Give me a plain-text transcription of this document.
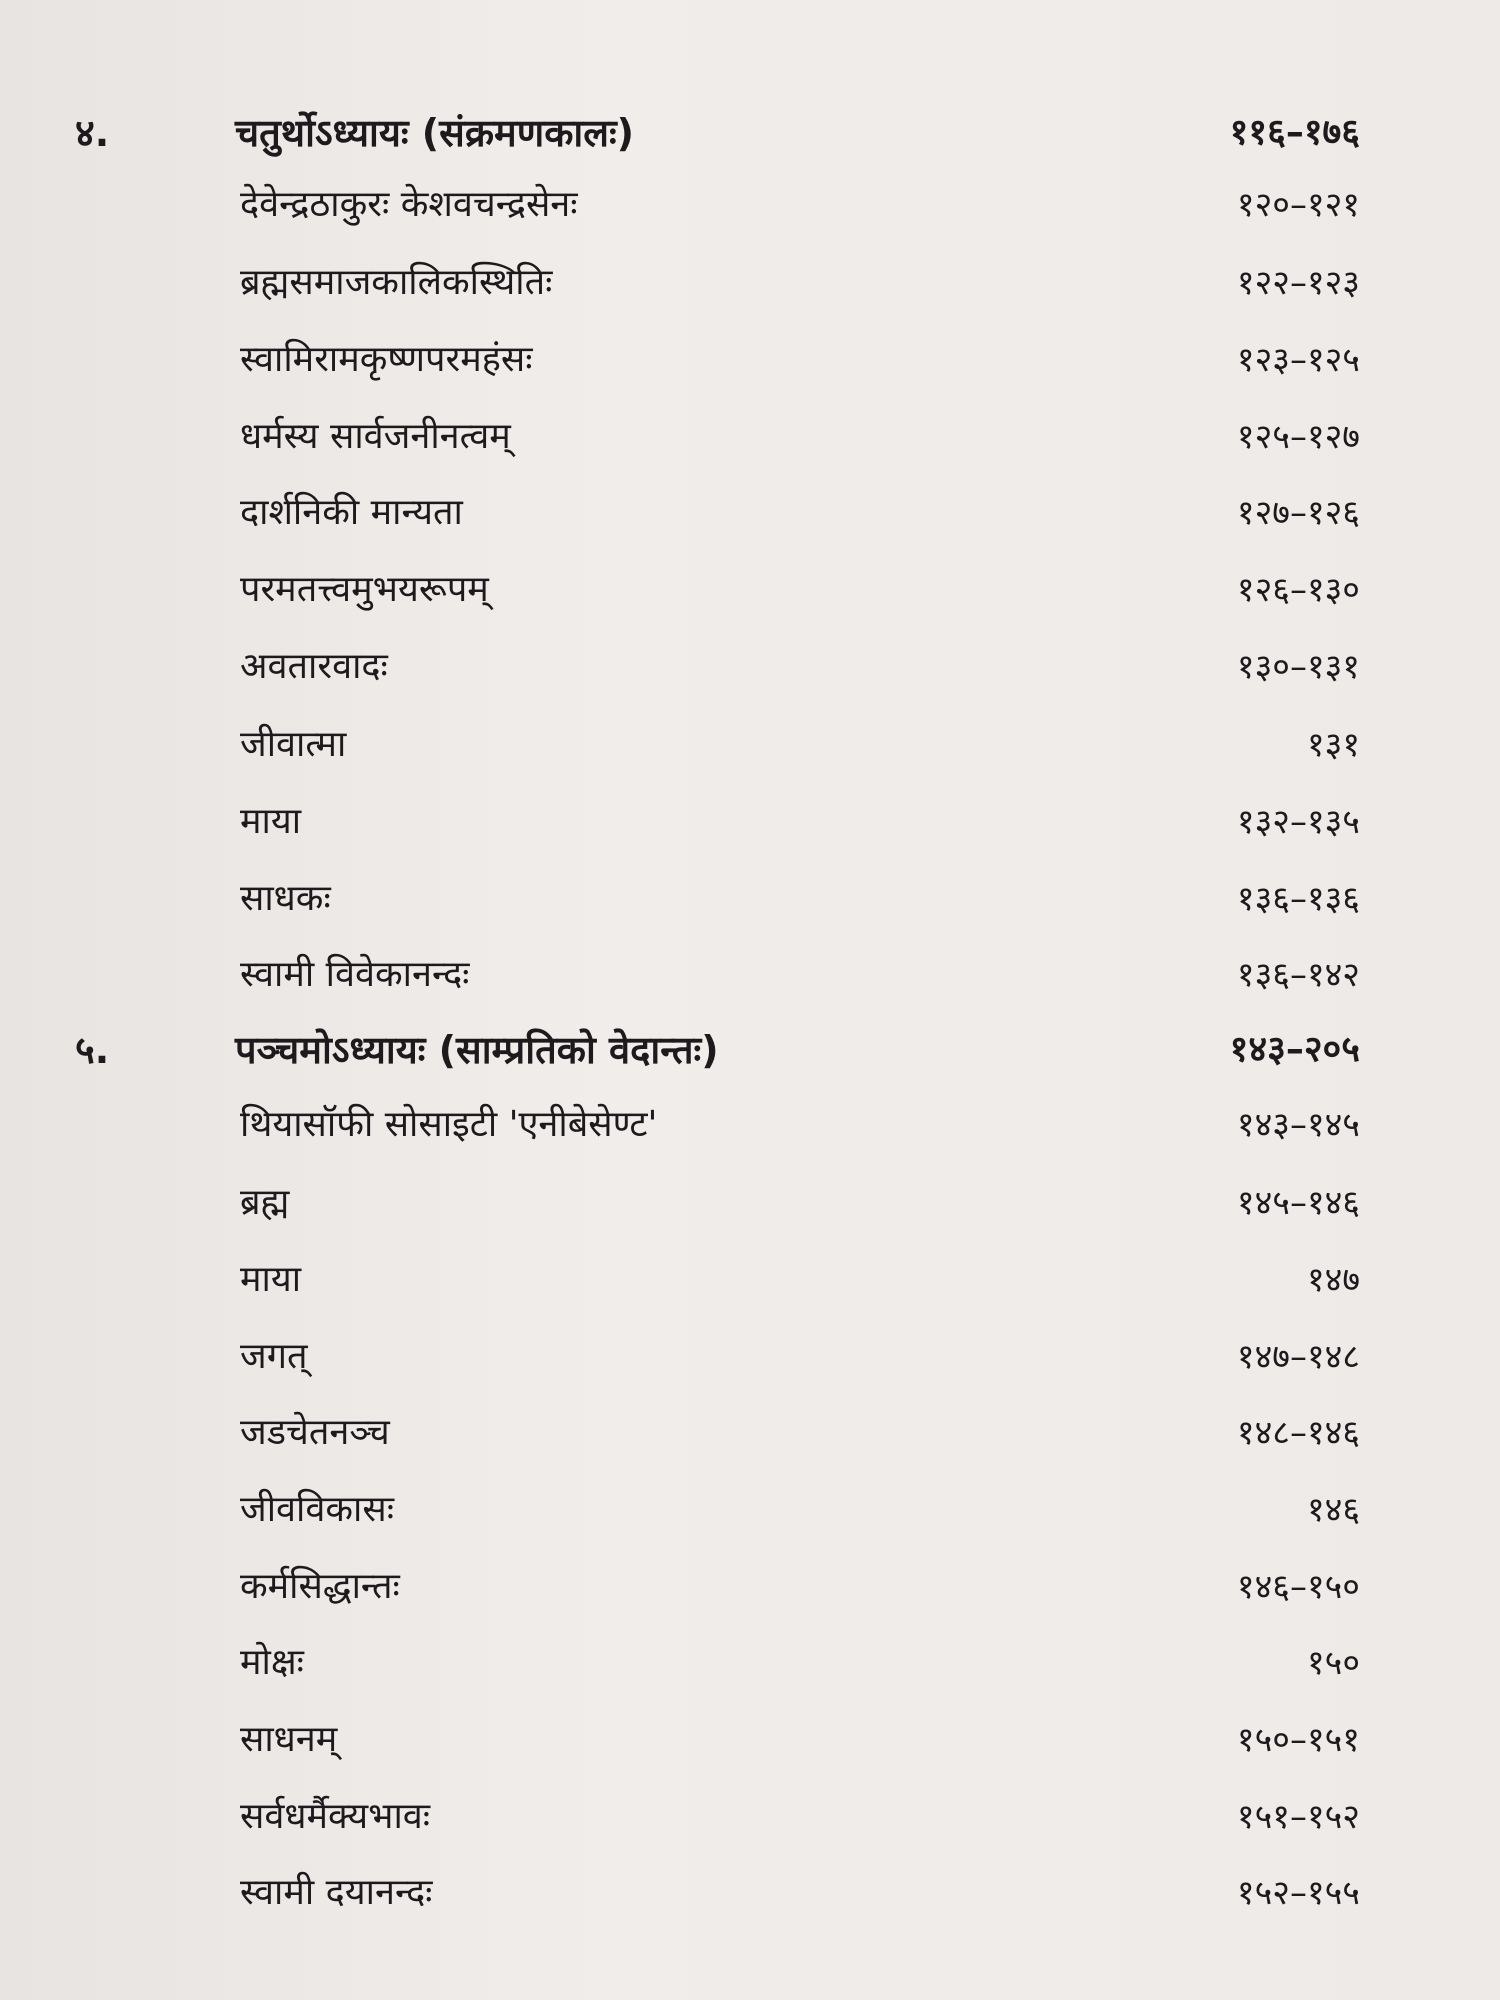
४.	चतुर्थोऽध्यायः (संक्रमणकालः)	११६–१७६
देवेन्द्रठाकुरः केशवचन्द्रसेनः	१२०–१२१
ब्रह्मसमाजकालिकस्थितिः	१२२–१२३
स्वामिरामकृष्णपरमहंसः	१२३–१२५
धर्मस्य सार्वजनीनत्वम्	१२५–१२७
दार्शनिकी मान्यता	१२७–१२६
परमतत्त्वमुभयरूपम्	१२६–१३०
अवतारवादः	१३०–१३१
जीवात्मा	१३१
माया	१३२–१३५
साधकः	१३६–१३६
स्वामी विवेकानन्दः	१३६–१४२
५.	पञ्चमोऽध्यायः (साम्प्रतिको वेदान्तः)	१४३–२०५
थियासॉफी सोसाइटी 'एनीबेसेण्ट'	१४३–१४५
ब्रह्म	१४५–१४६
माया	१४७
जगत्	१४७–१४८
जडचेतनञ्च	१४८–१४६
जीवविकासः	१४६
कर्मसिद्धान्तः	१४६–१५०
मोक्षः	१५०
साधनम्	१५०–१५१
सर्वधर्मैक्यभावः	१५१–१५२
स्वामी दयानन्दः	१५२–१५५
